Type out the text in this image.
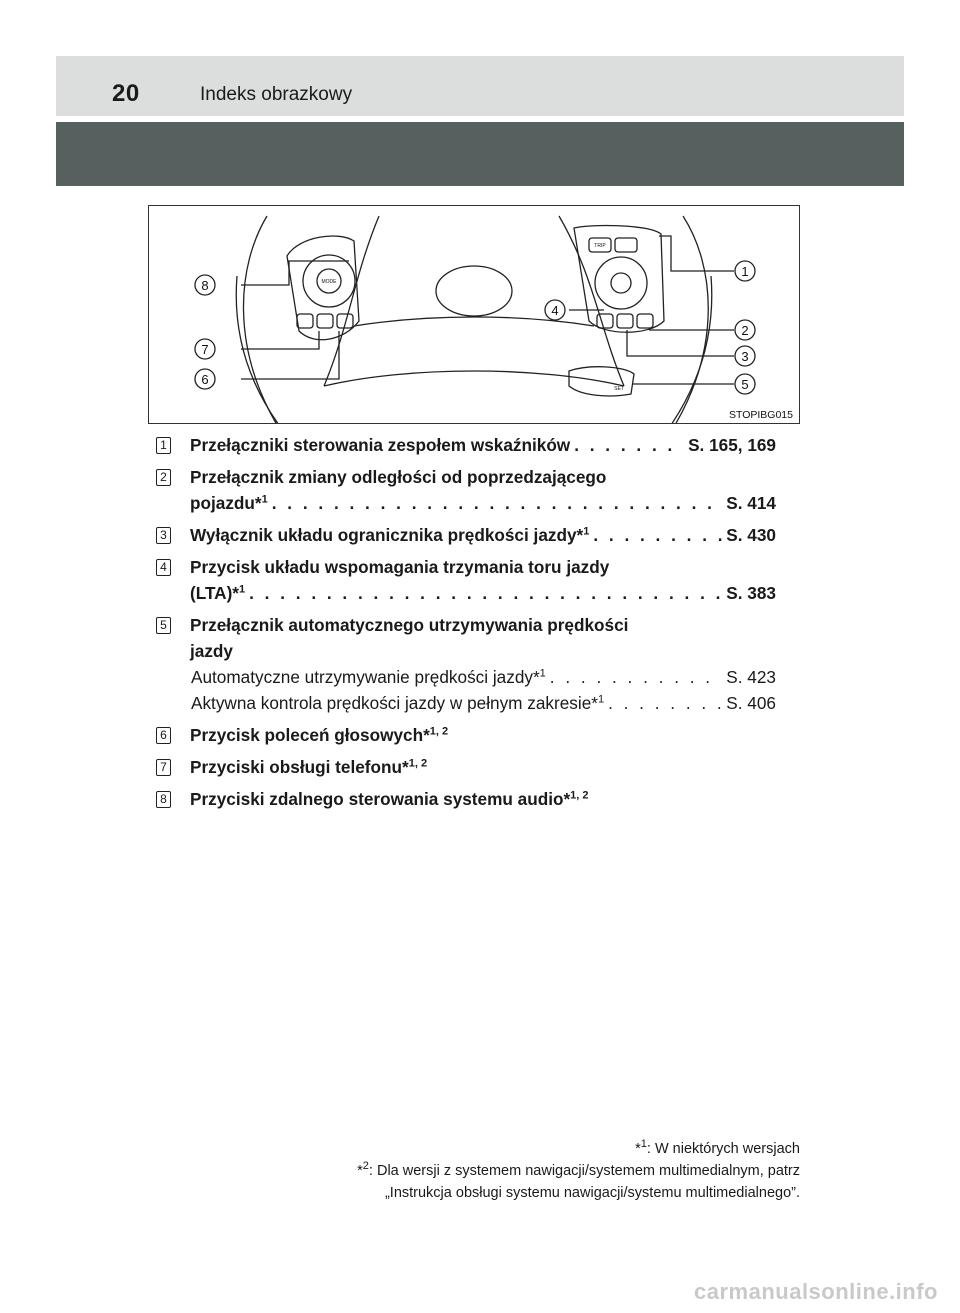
20	Indeks obrazkowy
8
7
6
4
1
2
3
5
TRIP
MODE
SET
STOPIBG015
1 Przełączniki sterowania zespołem wskaźników . . .	S. 165, 169
2 Przełącznik zmiany odległości od poprzedzającego
pojazdu*$^1$ . . .	S. 414
3 Wyłącznik układu ogranicznika prędkości jazdy*$^1$ . . .	S. 430
4 Przycisk układu wspomagania trzymania toru jazdy
(LTA)*$^1$ . . .	S. 383
5 Przełącznik automatycznego utrzymywania prędkości
jazdy
Automatyczne utrzymywanie prędkości jazdy*$^1$ . . .	S. 423
Aktywna kontrola prędkości jazdy w pełnym zakresie*$^1$ . . .	S. 406
6 Przycisk poleceń głosowych*$^{1, 2}$
7 Przyciski obsługi telefonu*$^{1, 2}$
8 Przyciski zdalnego sterowania systemu audio*$^{1, 2}$
*$^1$: W niektórych wersjach
*$^2$: Dla wersji z systemem nawigacji/systemem multimedialnym, patrz
„Instrukcja obsługi systemu nawigacji/systemu multimedialnego”.
carmanualsonline.info
